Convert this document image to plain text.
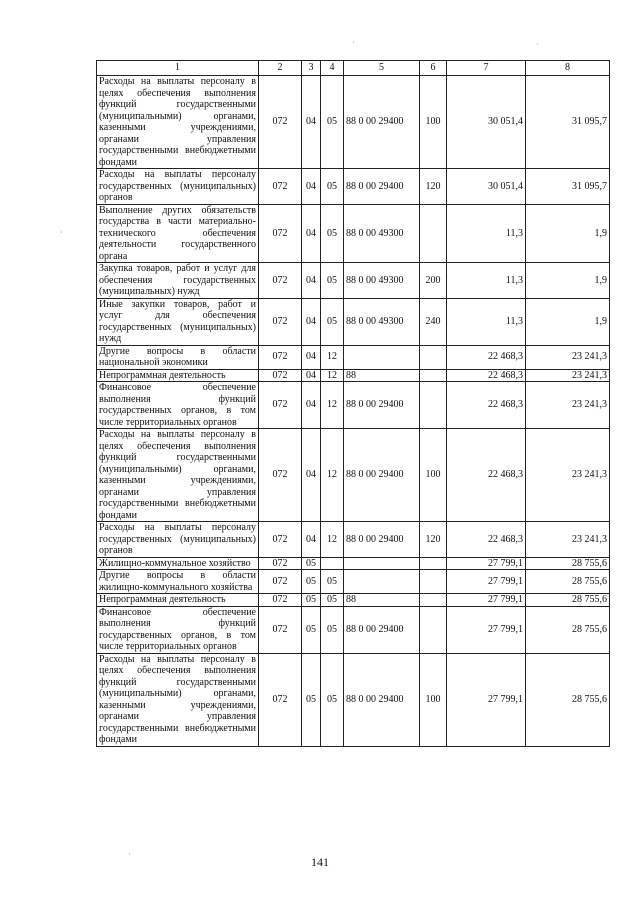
·	·
·
·
1	2	3	4	5	6	7	8
Расходы на выплаты персоналу в целях обеспечения выполнения функций государственными (муниципальными) органами, казенными учреждениями, органами управления государственными внебюджетными фондами	072	04	05	88 0 00 29400	100	30 051,4	31 095,7
Расходы на выплаты персоналу государственных (муниципальных) органов	072	04	05	88 0 00 29400	120	30 051,4	31 095,7
Выполнение других обязательств государства в части материально-технического обеспечения деятельности государственного органа	072	04	05	88 0 00 49300		11,3	1,9
Закупка товаров, работ и услуг для обеспечения государственных (муниципальных) нужд	072	04	05	88 0 00 49300	200	11,3	1,9
Иные закупки товаров, работ и услуг для обеспечения государственных (муниципальных) нужд	072	04	05	88 0 00 49300	240	11,3	1,9
Другие вопросы в области национальной экономики	072	04	12			22 468,3	23 241,3
Непрограммная деятельность	072	04	12	88		22 468,3	23 241,3
Финансовое обеспечение выполнения функций государственных органов, в том числе территориальных органов	072	04	12	88 0 00 29400		22 468,3	23 241,3
Расходы на выплаты персоналу в целях обеспечения выполнения функций государственными (муниципальными) органами, казенными учреждениями, органами управления государственными внебюджетными фондами	072	04	12	88 0 00 29400	100	22 468,3	23 241,3
Расходы на выплаты персоналу государственных (муниципальных) органов	072	04	12	88 0 00 29400	120	22 468,3	23 241,3
Жилищно-коммунальное хозяйство	072	05				27 799,1	28 755,6
Другие вопросы в области жилищно-коммунального хозяйства	072	05	05			27 799,1	28 755,6
Непрограммная деятельность	072	05	05	88		27 799,1	28 755,6
Финансовое обеспечение выполнения функций государственных органов, в том числе территориальных органов	072	05	05	88 0 00 29400		27 799,1	28 755,6
Расходы на выплаты персоналу в целях обеспечения выполнения функций государственными (муниципальными) органами, казенными учреждениями, органами управления государственными внебюджетными фондами	072	05	05	88 0 00 29400	100	27 799,1	28 755,6
141
